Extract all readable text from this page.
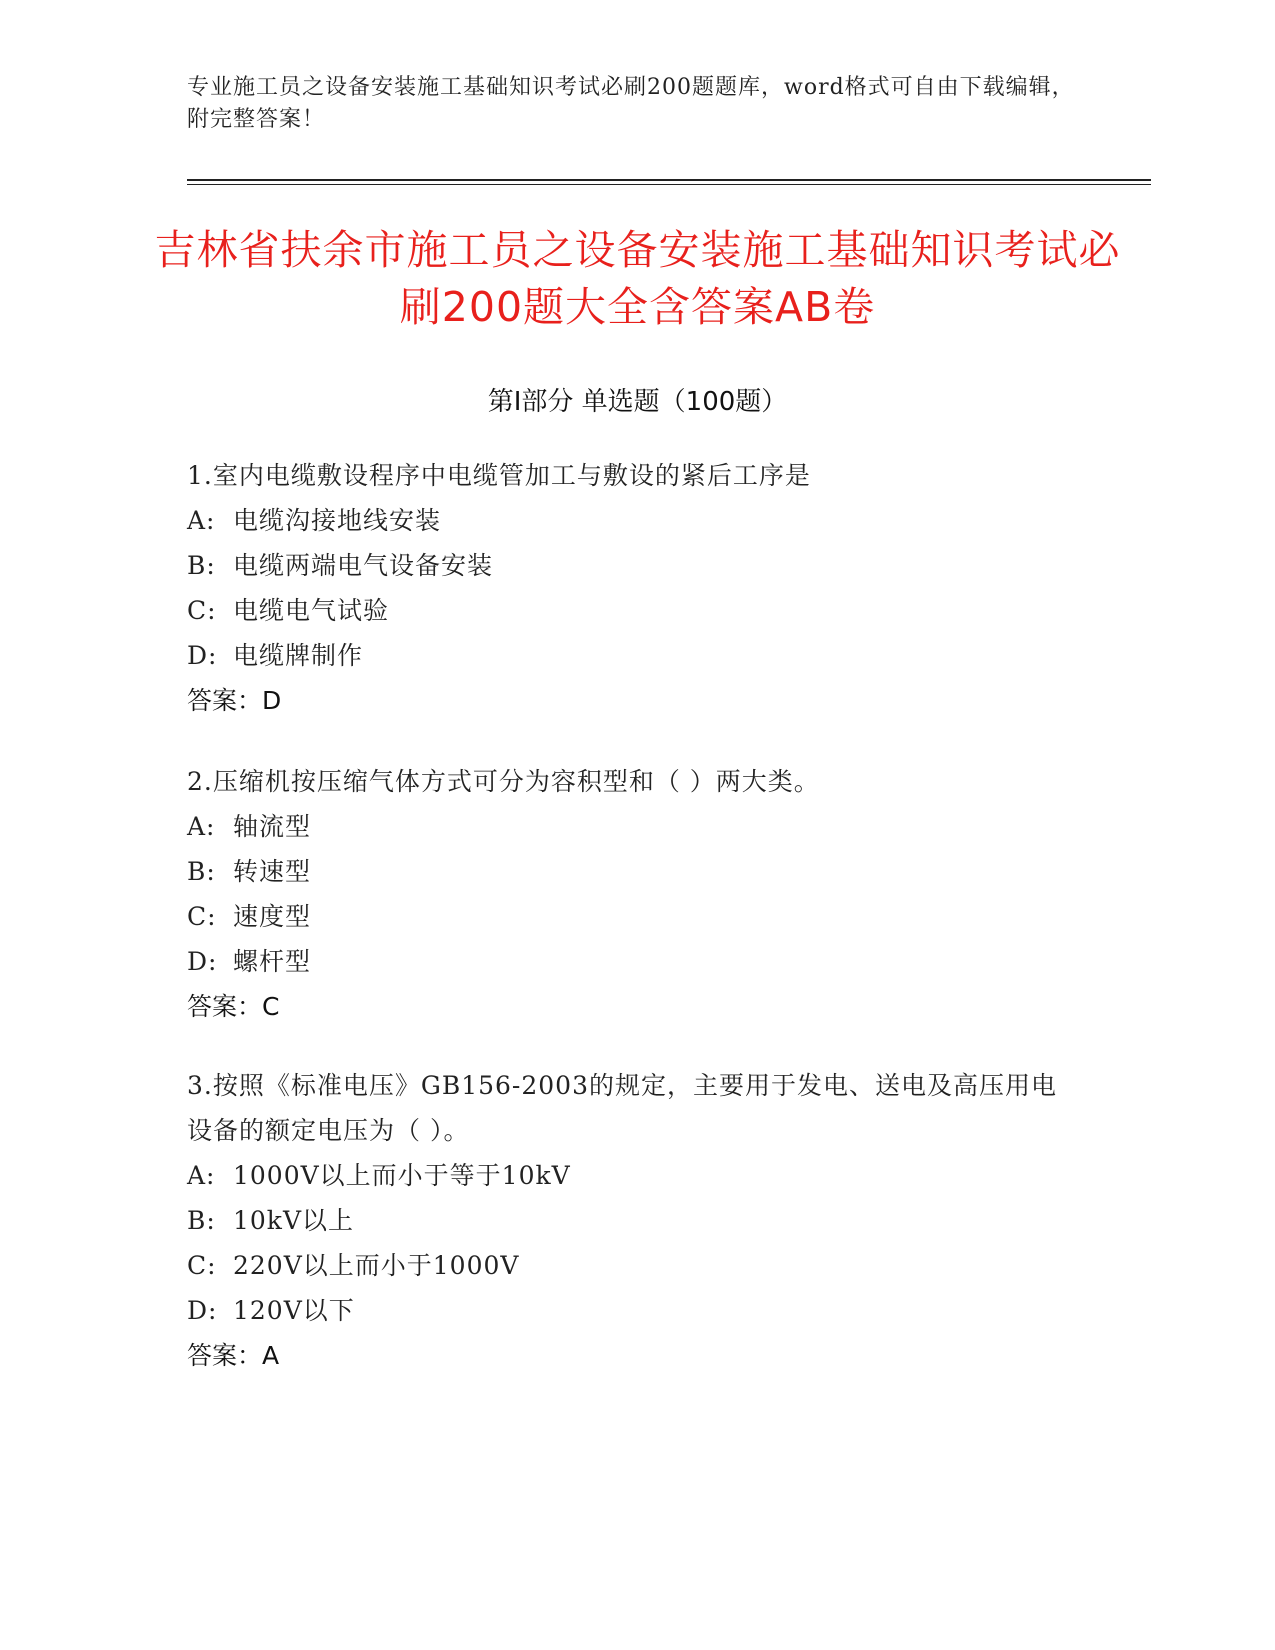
专业施工员之设备安装施工基础知识考试必刷200题题库，word格式可自由下载编辑，附完整答案！
吉林省扶余市施工员之设备安装施工基础知识考试必刷200题大全含答案AB卷
第Ⅰ部分 单选题（100题）
1.室内电缆敷设程序中电缆管加工与敷设的紧后工序是
A: 电缆沟接地线安装
B: 电缆两端电气设备安装
C: 电缆电气试验
D: 电缆牌制作
答案：D
2.压缩机按压缩气体方式可分为容积型和（ ）两大类。
A: 轴流型
B: 转速型
C: 速度型
D: 螺杆型
答案：C
3.按照《标准电压》GB156-2003的规定，主要用于发电、送电及高压用电设备的额定电压为（ ）。
A: 1000V以上而小于等于10kV
B: 10kV以上
C: 220V以上而小于1000V
D: 120V以下
答案：A
